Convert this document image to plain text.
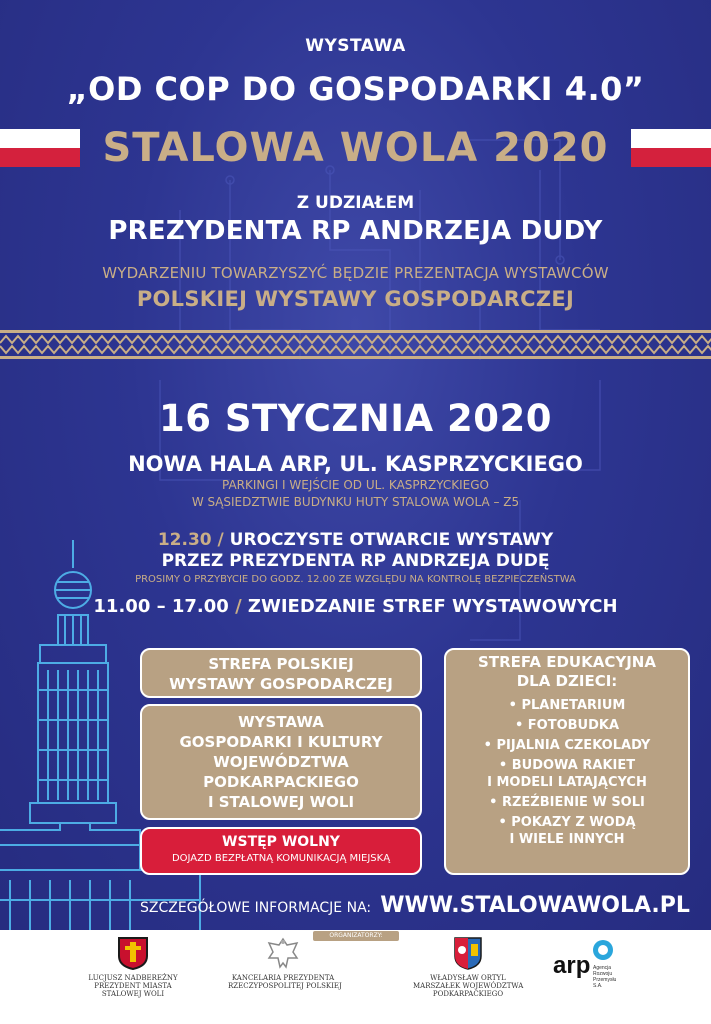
WYSTAWA
„OD COP DO GOSPODARKI 4.0”
STALOWA WOLA 2020
Z UDZIAŁEM
PREZYDENTA RP ANDRZEJA DUDY
WYDARZENIU TOWARZYSZYĆ BĘDZIE PREZENTACJA WYSTAWCÓW
POLSKIEJ WYSTAWY GOSPODARCZEJ
16 STYCZNIA 2020
NOWA HALA ARP, UL. KASPRZYCKIEGO
PARKINGI I WEJŚCIE OD UL. KASPRZYCKIEGO
W SĄSIEDZTWIE BUDYNKU HUTY STALOWA WOLA – Z5
12.30 / UROCZYSTE OTWARCIE WYSTAWY
PRZEZ PREZYDENTA RP ANDRZEJA DUDĘ
PROSIMY O PRZYBYCIE DO GODZ. 12.00 ZE WZGLĘDU NA KONTROLĘ BEZPIECZEŃSTWA
11.00 – 17.00 / ZWIEDZANIE STREF WYSTAWOWYCH
STREFA POLSKIEJ
WYSTAWY GOSPODARCZEJ
WYSTAWA
GOSPODARKI I KULTURY
WOJEWÓDZTWA
PODKARPACKIEGO
I STALOWEJ WOLI
WSTĘP WOLNY
DOJAZD BEZPŁATNĄ KOMUNIKACJĄ MIEJSKĄ
STREFA EDUKACYJNA
DLA DZIECI:
• PLANETARIUM
• FOTOBUDKA
• PIJALNIA CZEKOLADY
• BUDOWA RAKIET
I MODELI LATAJĄCYCH
• RZEŹBIENIE W SOLI
• POKAZY Z WODĄ
I WIELE INNYCH
SZCZEGÓŁOWE INFORMACJE NA: WWW.STALOWAWOLA.PL
ORGANIZATORZY:
LUCJUSZ NADBEREŻNY
PREZYDENT MIASTA
STALOWEJ WOLI
KANCELARIA PREZYDENTA
RZECZYPOSPOLITEJ POLSKIEJ
WŁADYSŁAW ORTYL
MARSZAŁEK WOJEWÓDZTWA
PODKARPACKIEGO
arp Agencja
Rozwoju
Przemysłu
S.A.
